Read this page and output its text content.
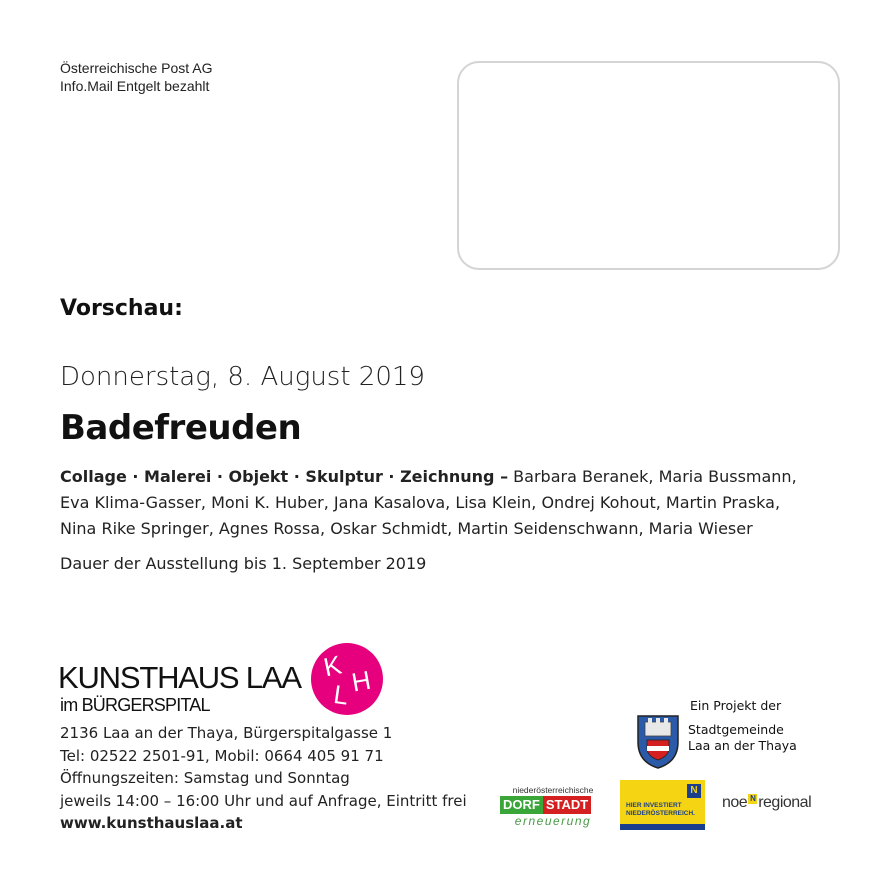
Österreichische Post AG
Info.Mail Entgelt bezahlt
Vorschau:
Donnerstag, 8. August 2019
Badefreuden
Collage · Malerei · Objekt · Skulptur · Zeichnung – Barbara Beranek, Maria Bussmann, Eva Klima-Gasser, Moni K. Huber, Jana Kasalova, Lisa Klein, Ondrej Kohout, Martin Praska, Nina Rike Springer, Agnes Rossa, Oskar Schmidt, Martin Seidenschwann, Maria Wieser
Dauer der Ausstellung bis 1. September 2019
KUNSTHAUS LAA
im BÜRGERSPITAL
K
L H
2136 Laa an der Thaya, Bürgerspitalgasse 1
Tel: 02522 2501-91, Mobil: 0664 405 91 71
Öffnungszeiten: Samstag und Sonntag
jeweils 14:00 – 16:00 Uhr und auf Anfrage, Eintritt frei
www.kunsthauslaa.at
Ein Projekt der
Stadtgemeinde
Laa an der Thaya
niederösterreichische
DORF STADT
erneuerung
N
HIER INVESTIERT
NIEDERÖSTERREICH.
noe N regional
